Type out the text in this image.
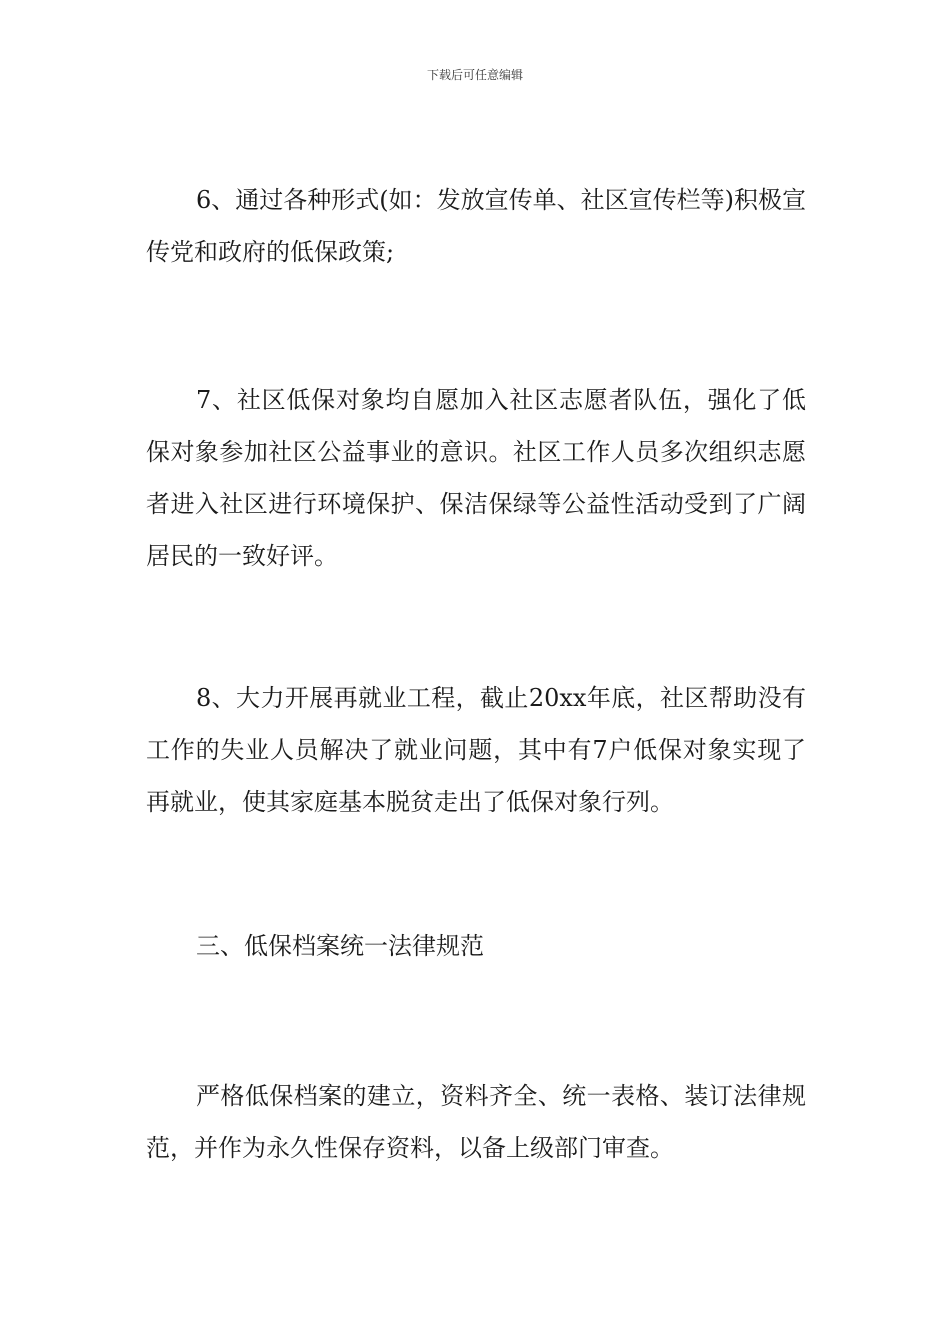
下载后可任意编辑

6、通过各种形式(如：发放宣传单、社区宣传栏等)积极宣传党和政府的低保政策;

7、社区低保对象均自愿加入社区志愿者队伍，强化了低保对象参加社区公益事业的意识。社区工作人员多次组织志愿者进入社区进行环境保护、保洁保绿等公益性活动受到了广阔居民的一致好评。

8、大力开展再就业工程，截止20xx年底，社区帮助没有工作的失业人员解决了就业问题，其中有7户低保对象实现了再就业，使其家庭基本脱贫走出了低保对象行列。

三、低保档案统一法律规范

严格低保档案的建立，资料齐全、统一表格、装订法律规范，并作为永久性保存资料，以备上级部门审查。
